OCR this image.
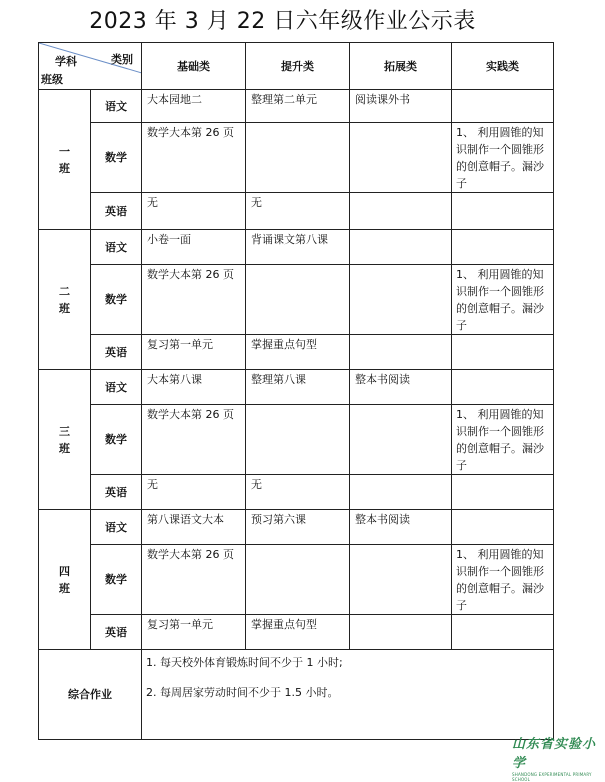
2023 年 3 月 22 日六年级作业公示表
学科 类别
班级		基础类	提升类	拓展类	实践类

一
班	语文	大本园地二	整理第二单元	阅读课外书	
	数学	数学大本第 26 页			1、 利用圆锥的知识制作一个圆锥形的创意帽子。漏沙子
	英语	无	无		

二
班	语文	小卷一面	背诵课文第八课		
	数学	数学大本第 26 页			1、 利用圆锥的知识制作一个圆锥形的创意帽子。漏沙子
	英语	复习第一单元	掌握重点句型		

三
班	语文	大本第八课	整理第八课	整本书阅读	
	数学	数学大本第 26 页			1、 利用圆锥的知识制作一个圆锥形的创意帽子。漏沙子
	英语	无	无		

四
班	语文	第八课语文大本	预习第六课	整本书阅读	
	数学	数学大本第 26 页			1、 利用圆锥的知识制作一个圆锥形的创意帽子。漏沙子
	英语	复习第一单元	掌握重点句型		
综合作业		1. 每天校外体育锻炼时间不少于 1 小时;
2. 每周居家劳动时间不少于 1.5 小时。			
山东省实验小学
SHANDONG EXPERIMENTAL PRIMARY SCHOOL
